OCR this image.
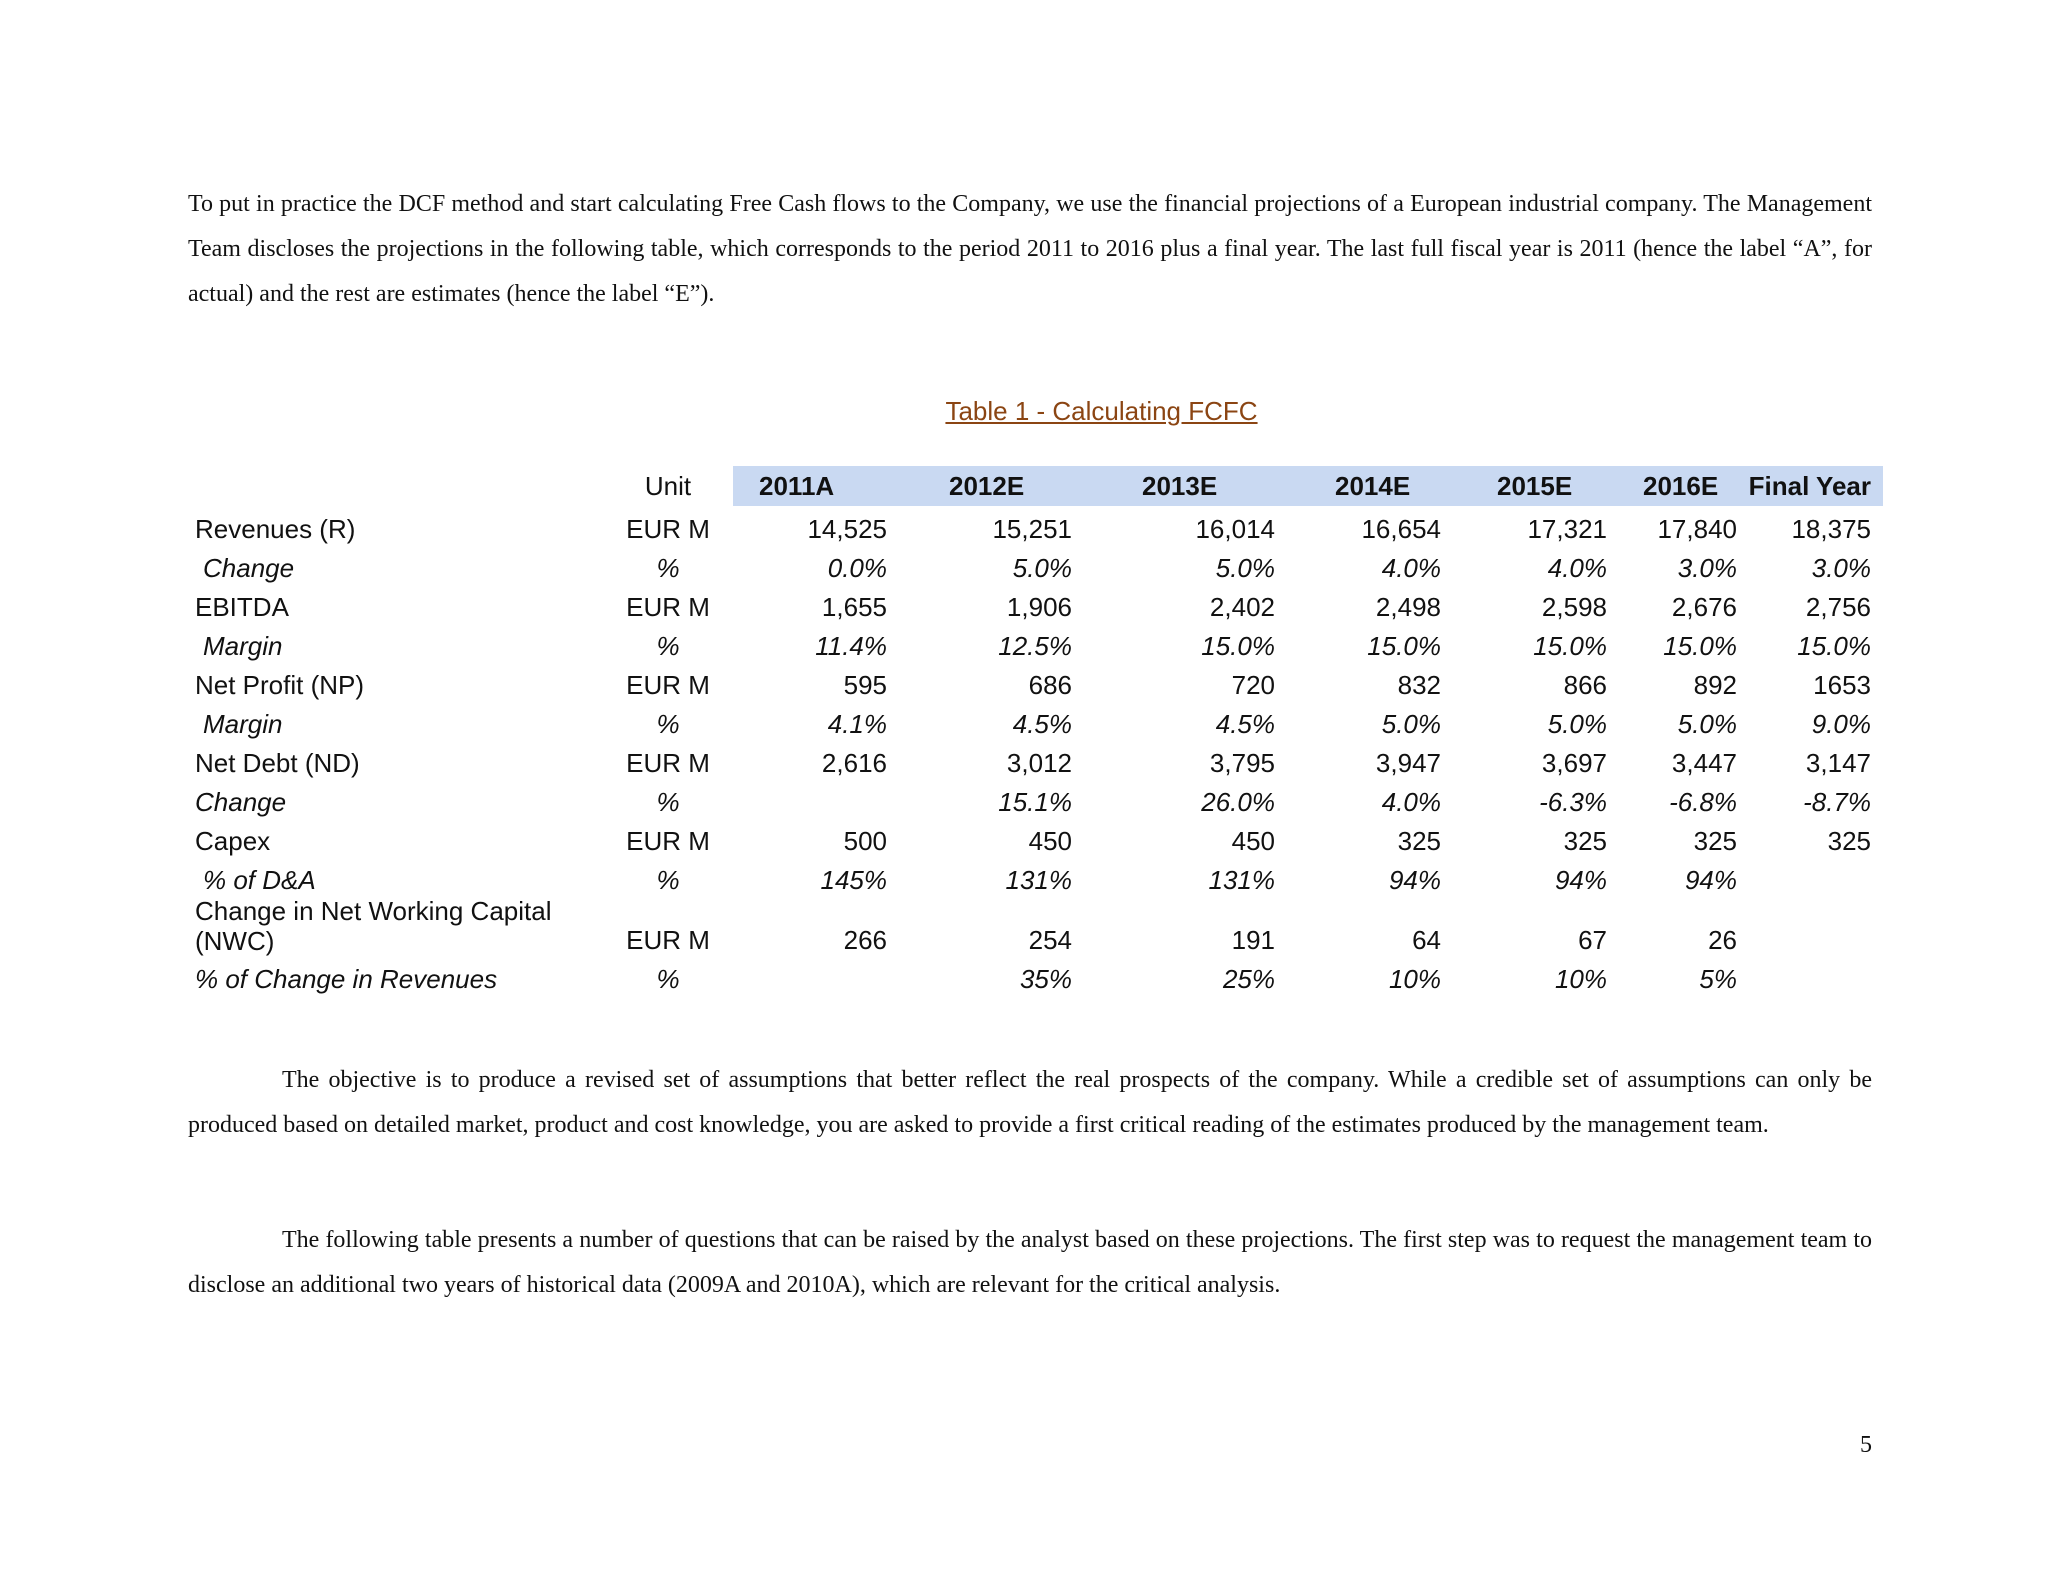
To put in practice the DCF method and start calculating Free Cash flows to the Company, we use the financial projections of a European industrial company. The Management Team discloses the projections in the following table, which corresponds to the period 2011 to 2016 plus a final year. The last full fiscal year is 2011 (hence the label “A”, for actual) and the rest are estimates (hence the label “E”).

Table 1 - Calculating FCFC
	Unit	2011A	2012E	2013E	2014E	2015E	2016E	Final Year
Revenues (R)	EUR M	14,525	15,251	16,014	16,654	17,321	17,840	18,375
Change	%	0.0%	5.0%	5.0%	4.0%	4.0%	3.0%	3.0%
EBITDA	EUR M	1,655	1,906	2,402	2,498	2,598	2,676	2,756
Margin	%	11.4%	12.5%	15.0%	15.0%	15.0%	15.0%	15.0%
Net Profit (NP)	EUR M	595	686	720	832	866	892	1653
Margin	%	4.1%	4.5%	4.5%	5.0%	5.0%	5.0%	9.0%
Net Debt (ND)	EUR M	2,616	3,012	3,795	3,947	3,697	3,447	3,147
Change	%		15.1%	26.0%	4.0%	-6.3%	-6.8%	-8.7%
Capex	EUR M	500	450	450	325	325	325	325
% of D&A	%	145%	131%	131%	94%	94%	94%	
Change in Net Working Capital (NWC)	EUR M	266	254	191	64	67	26	
% of Change in Revenues	%		35%	25%	10%	10%	5%	

The objective is to produce a revised set of assumptions that better reflect the real prospects of the company. While a credible set of assumptions can only be produced based on detailed market, product and cost knowledge, you are asked to provide a first critical reading of the estimates produced by the management team.

The following table presents a number of questions that can be raised by the analyst based on these projections. The first step was to request the management team to disclose an additional two years of historical data (2009A and 2010A), which are relevant for the critical analysis.

5
